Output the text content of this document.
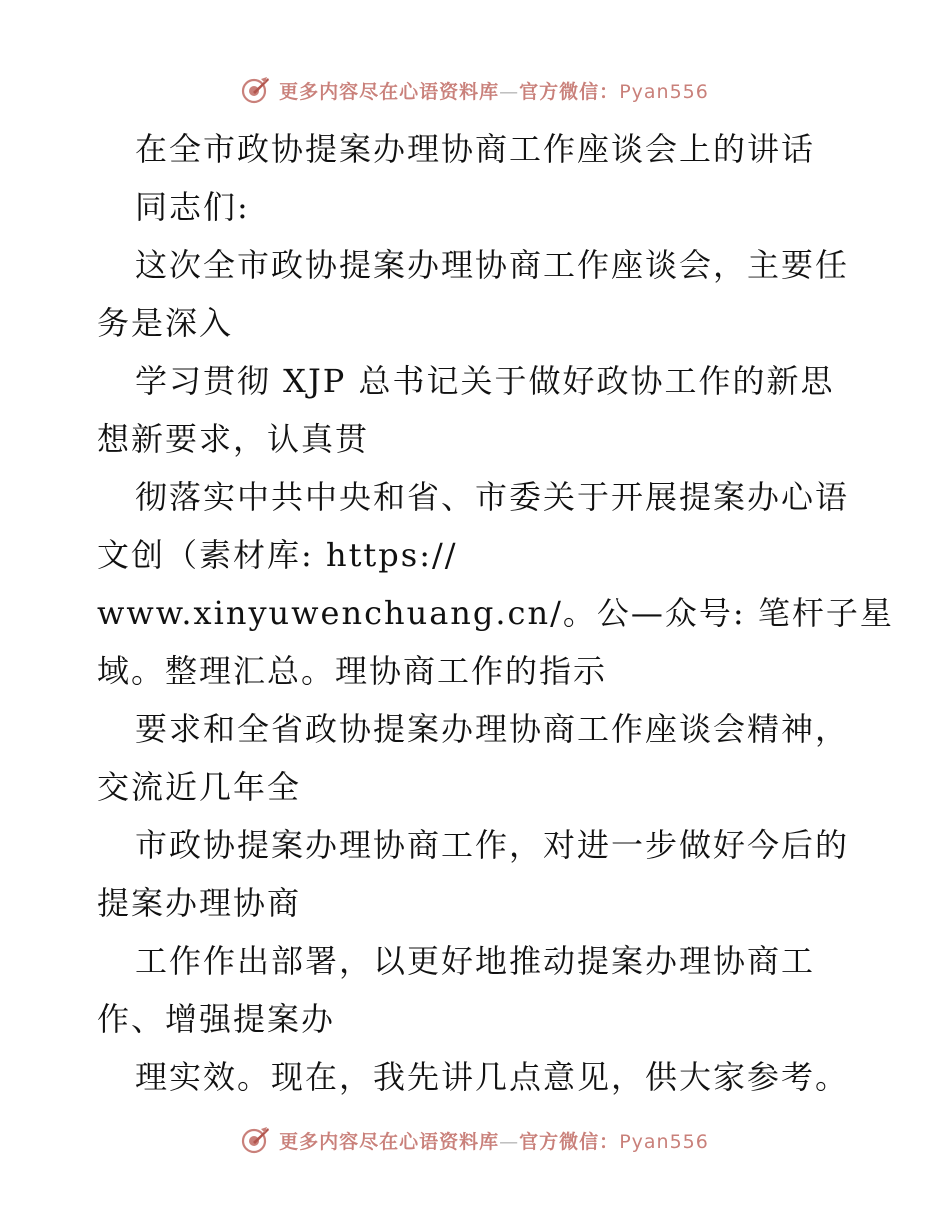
更多内容尽在心语资料库—官方微信：Pyan556

在全市政协提案办理协商工作座谈会上的讲话

同志们:

这次全市政协提案办理协商工作座谈会，主要任

务是深入

学习贯彻 XJP 总书记关于做好政协工作的新思

想新要求，认真贯

彻落实中共中央和省、市委关于开展提案办心语

文创（素材库: https://

www.xinyuwenchuang.cn/。公—众号: 笔杆子星

域。整理汇总。理协商工作的指示

要求和全省政协提案办理协商工作座谈会精神，

交流近几年全

市政协提案办理协商工作，对进一步做好今后的

提案办理协商

工作作出部署，以更好地推动提案办理协商工

作、增强提案办

理实效。现在，我先讲几点意见，供大家参考。

更多内容尽在心语资料库—官方微信：Pyan556
